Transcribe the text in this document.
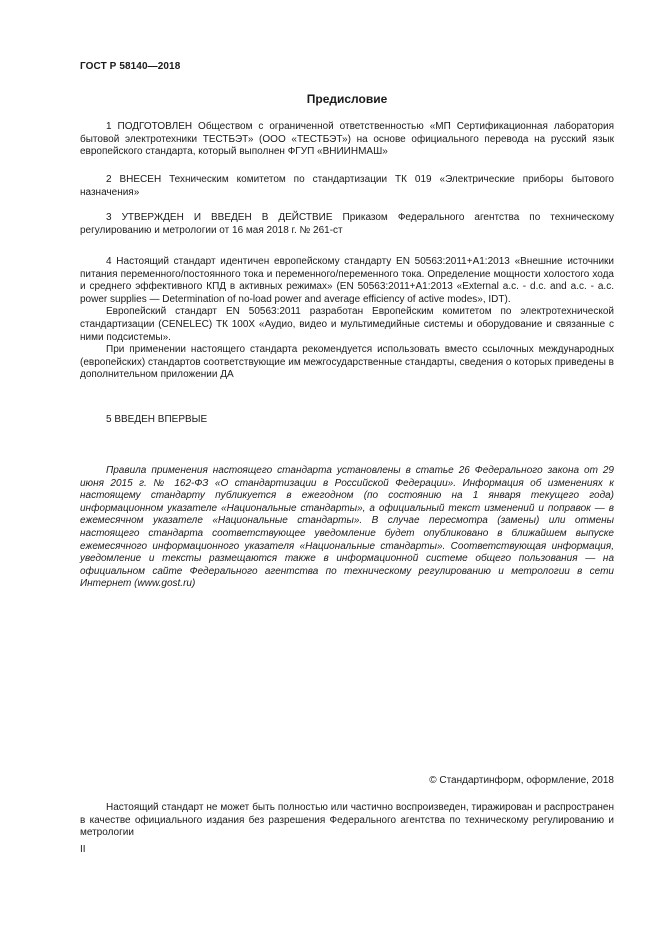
ГОСТ Р 58140—2018
Предисловие

1 ПОДГОТОВЛЕН Обществом с ограниченной ответственностью «МП Сертификационная лаборатория бытовой электротехники ТЕСТБЭТ» (ООО «ТЕСТБЭТ») на основе официального перевода на русский язык европейского стандарта, который выполнен ФГУП «ВНИИНМАШ»

2 ВНЕСЕН Техническим комитетом по стандартизации ТК 019 «Электрические приборы бытового назначения»

3 УТВЕРЖДЕН И ВВЕДЕН В ДЕЙСТВИЕ Приказом Федерального агентства по техническому регулированию и метрологии от 16 мая 2018 г. № 261-ст

4 Настоящий стандарт идентичен европейскому стандарту EN 50563:2011+A1:2013 «Внешние источники питания переменного/постоянного тока и переменного/переменного тока. Определение мощности холостого хода и среднего эффективного КПД в активных режимах» (EN 50563:2011+A1:2013 «External a.c. - d.c. and a.c. - a.c. power supplies — Determination of no-load power and average efficiency of active modes», IDT).

Европейский стандарт EN 50563:2011 разработан Европейским комитетом по электротехнической стандартизации (CENELEC) ТК 100Х «Аудио, видео и мультимедийные системы и оборудование и связанные с ними подсистемы».

При применении настоящего стандарта рекомендуется использовать вместо ссылочных международных (европейских) стандартов соответствующие им межгосударственные стандарты, сведения о которых приведены в дополнительном приложении ДА

5 ВВЕДЕН ВПЕРВЫЕ

Правила применения настоящего стандарта установлены в статье 26 Федерального закона от 29 июня 2015 г. № 162-ФЗ «О стандартизации в Российской Федерации». Информация об изменениях к настоящему стандарту публикуется в ежегодном (по состоянию на 1 января текущего года) информационном указателе «Национальные стандарты», а официальный текст изменений и поправок — в ежемесячном указателе «Национальные стандарты». В случае пересмотра (замены) или отмены настоящего стандарта соответствующее уведомление будет опубликовано в ближайшем выпуске ежемесячного информационного указателя «Национальные стандарты». Соответствующая информация, уведомление и тексты размещаются также в информационной системе общего пользования — на официальном сайте Федерального агентства по техническому регулированию и метрологии в сети Интернет (www.gost.ru)

© Стандартинформ, оформление, 2018

Настоящий стандарт не может быть полностью или частично воспроизведен, тиражирован и распространен в качестве официального издания без разрешения Федерального агентства по техническому регулированию и метрологии

II
